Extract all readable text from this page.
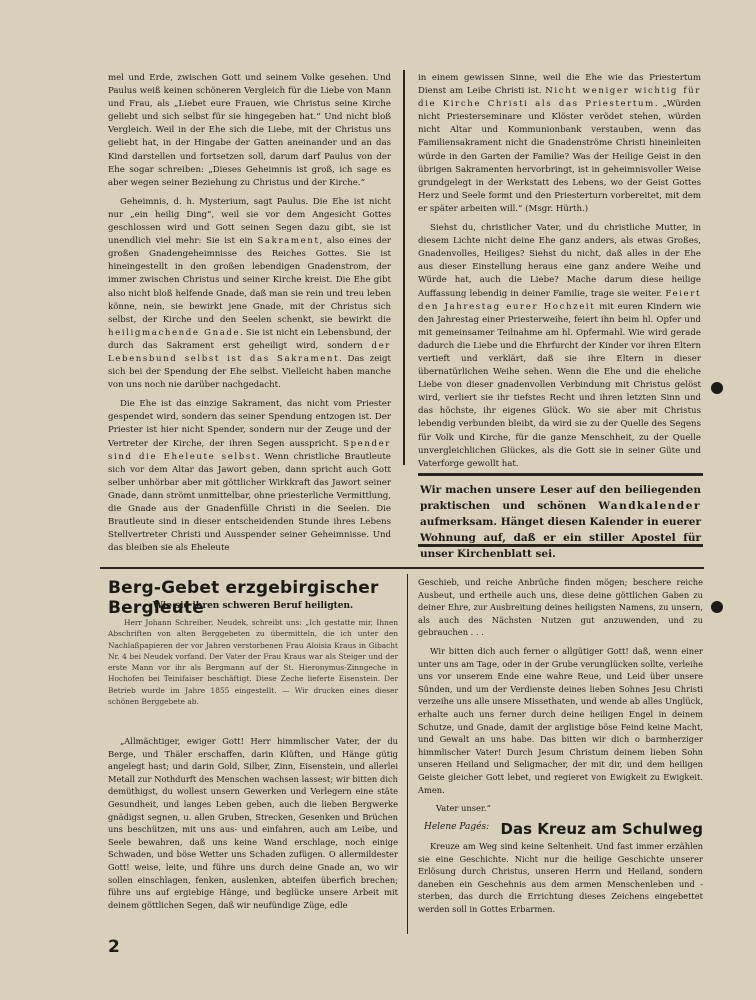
mel und Erde, zwischen Gott und seinem Volke gesehen. Und Paulus weiß keinen schöneren Vergleich für die Liebe von Mann und Frau, als „Liebet eure Frauen, wie Christus seine Kirche geliebt und sich selbst für sie hingegeben hat.“ Und nicht bloß Vergleich. Weil in der Ehe sich die Liebe, mit der Christus uns geliebt hat, in der Hingabe der Gatten aneinander und an das Kind darstellen und fortsetzen soll, darum darf Paulus von der Ehe sogar schreiben: „Dieses Geheimnis ist groß, ich sage es aber wegen seiner Beziehung zu Christus und der Kirche.“

Geheimnis, d. h. Mysterium, sagt Paulus. Die Ehe ist nicht nur „ein heilig Ding“, weil sie vor dem Angesicht Gottes geschlossen wird und Gott seinen Segen dazu gibt, sie ist unendlich viel mehr: Sie ist ein Sakrament, also eines der großen Gnadengeheimnisse des Reiches Gottes. Sie ist hineingestellt in den großen lebendigen Gnadenstrom, der immer zwischen Christus und seiner Kirche kreist. Die Ehe gibt also nicht bloß helfende Gnade, daß man sie rein und treu leben könne, nein, sie bewirkt jene Gnade, mit der Christus sich selbst, der Kirche und den Seelen schenkt, sie bewirkt die heiligmachende Gnade. Sie ist nicht ein Lebensbund, der durch das Sakrament erst geheiligt wird, sondern der Lebensbund selbst ist das Sakrament. Das zeigt sich bei der Spendung der Ehe selbst. Vielleicht haben manche von uns noch nie darüber nachgedacht.

Die Ehe ist das einzige Sakrament, das nicht vom Priester gespendet wird, sondern das seiner Spendung entzogen ist. Der Priester ist hier nicht Spender, sondern nur der Zeuge und der Vertreter der Kirche, der ihren Segen ausspricht. Spender sind die Eheleute selbst. Wenn christliche Brautleute sich vor dem Altar das Jawort geben, dann spricht auch Gott selber unhörbar aber mit göttlicher Wirkkraft das Jawort seiner Gnade, dann strömt unmittelbar, ohne priesterliche Vermittlung, die Gnade aus der Gnadenfülle Christi in die Seelen. Die Brautleute sind in dieser entscheidenden Stunde ihres Lebens Stellvertreter Christi und Ausspender seiner Geheimnisse. Und das bleiben sie als Eheleute

in einem gewissen Sinne, weil die Ehe wie das Priestertum Dienst am Leibe Christi ist. Nicht weniger wichtig für die Kirche Christi als das Priestertum. „Würden nicht Priesterseminare und Klöster verödet stehen, würden nicht Altar und Kommunionbank verstauben, wenn das Familiensakrament nicht die Gnadenströme Christi hineinleiten würde in den Garten der Familie? Was der Heilige Geist in den übrigen Sakramenten hervorbringt, ist in geheimnisvoller Weise grundgelegt in der Werkstatt des Lebens, wo der Geist Gottes Herz und Seele formt und den Priesterturn vorbereitet, mit dem er später arbeiten will.“ (Msgr. Hürth.)

Siehst du, christlicher Vater, und du christliche Mutter, in diesem Lichte nicht deine Ehe ganz anders, als etwas Großes, Gnadenvolles, Heiliges? Siehst du nicht, daß alles in der Ehe aus dieser Einstellung heraus eine ganz andere Weihe und Würde hat, auch die Liebe? Mache darum diese heilige Auffassung lebendig in deiner Familie, trage sie weiter. Feiert den Jahrestag eurer Hochzeit mit euren Kindern wie den Jahrestag einer Priesterweihe, feiert ihn beim hl. Opfer und mit gemeinsamer Teilnahme am hl. Opfermahl. Wie wird gerade dadurch die Liebe und die Ehrfurcht der Kinder vor ihren Eltern vertieft und verklärt, daß sie ihre Eltern in dieser übernatürlichen Weihe sehen. Wenn die Ehe und die eheliche Liebe von dieser gnadenvollen Verbindung mit Christus gelöst wird, verliert sie ihr tiefstes Recht und ihren letzten Sinn und das höchste, ihr eigenes Glück. Wo sie aber mit Christus lebendig verbunden bleibt, da wird sie zu der Quelle des Segens für Volk und Kirche, für die ganze Menschheit, zu der Quelle unvergleichlichen Glückes, als die Gott sie in seiner Güte und Vaterforge gewollt hat.

Wir machen unsere Leser auf den beiliegenden praktischen und schönen Wandkalender aufmerksam. Hänget diesen Kalender in euerer Wohnung auf, daß er ein stiller Apostel für unser Kirchenblatt sei.
Berg-Gebet erzgebirgischer Bergleute
Wie sie ihren schweren Beruf heiligten.

Herr Johann Schreiber, Neudek, schreibt uns: „Ich gestatte mir, Ihnen Abschriften von alten Berggebeten zu übermitteln, die ich unter den Nachlaßpapieren der vor Jahren verstorbenen Frau Aloisia Kraus in Gibacht Nr. 4 bei Neudek vorfand. Der Vater der Frau Kraus war als Steiger und der erste Mann vor ihr als Bergmann auf der St. Hieronymus-Zinngeche in Hochofen bei Teinifaiser beschäftigt. Diese Zeche lieferte Eisenstein. Der Betrieb wurde im Jahre 1855 eingestellt. — Wir drucken eines dieser schönen Berggebete ab.

„Allmächtiger, ewiger Gott! Herr himmlischer Vater, der du Berge, und Thäler erschaffen, darin Klüften, und Hänge gütig angelegt hast; und darin Gold, Silber, Zinn, Eisenstein, und allerlei Metall zur Nothdurft des Menschen wachsen lassest; wir bitten dich demüthigst, du wollest unsern Gewerken und Verlegern eine stäte Gesundheit, und langes Leben geben, auch die lieben Bergwerke gnädigst segnen, u. allen Gruben, Strecken, Gesenken und Brüchen uns beschützen, mit uns aus- und einfahren, auch am Leibe, und Seele bewahren, daß uns keine Wand erschlage, noch einige Schwaden, und böse Wetter uns Schaden zufügen. O allermildester Gott! weise, leite, und führe uns durch deine Gnade an, wo wir sollen einschlagen, fenken, auslenken, abteifen überfich brechen; führe uns auf ergiebige Hänge, und beglücke unsere Arbeit mit deinem göttlichen Segen, daß wir neufündige Züge, edle

Geschieb, und reiche Anbrüche finden mögen; beschere reiche Ausbeut, und ertheile auch uns, diese deine göttlichen Gaben zu deiner Ehre, zur Ausbreitung deines heiligsten Namens, zu unsern, als auch des Nächsten Nutzen gut anzuwenden, und zu gebrauchen . . .

Wir bitten dich auch ferner o allgütiger Gott! daß, wenn einer unter uns am Tage, oder in der Grube verunglücken sollte, verleihe uns vor unserem Ende eine wahre Reue, und Leid über unsere Sünden, und um der Verdienste deines lieben Sohnes Jesu Christi verzeihe uns alle unsere Missethaten, und wende ab alles Unglück, erhalte auch uns ferner durch deine heiligen Engel in deinem Schutze, und Gnade, damit der arglistige böse Feind keine Macht, und Gewalt an uns habe. Das bitten wir dich o barmherziger himmlischer Vater! Durch Jesum Christum deinem lieben Sohn unseren Heiland und Seligmacher, der mit dir, und dem heiligen Geiste gleicher Gott lebet, und regieret von Ewigkeit zu Ewigkeit. Amen.

Vater unser.“

Helene Pagés: Das Kreuz am Schulweg

Kreuze am Weg sind keine Seltenheit. Und fast immer erzählen sie eine Geschichte. Nicht nur die heilige Geschichte unserer Erlösung durch Christus, unseren Herrn und Heiland, sondern daneben ein Geschehnis aus dem armen Menschenleben und -sterben, das durch die Errichtung dieses Zeichens eingebettet werden soll in Gottes Erbarmen.

2
